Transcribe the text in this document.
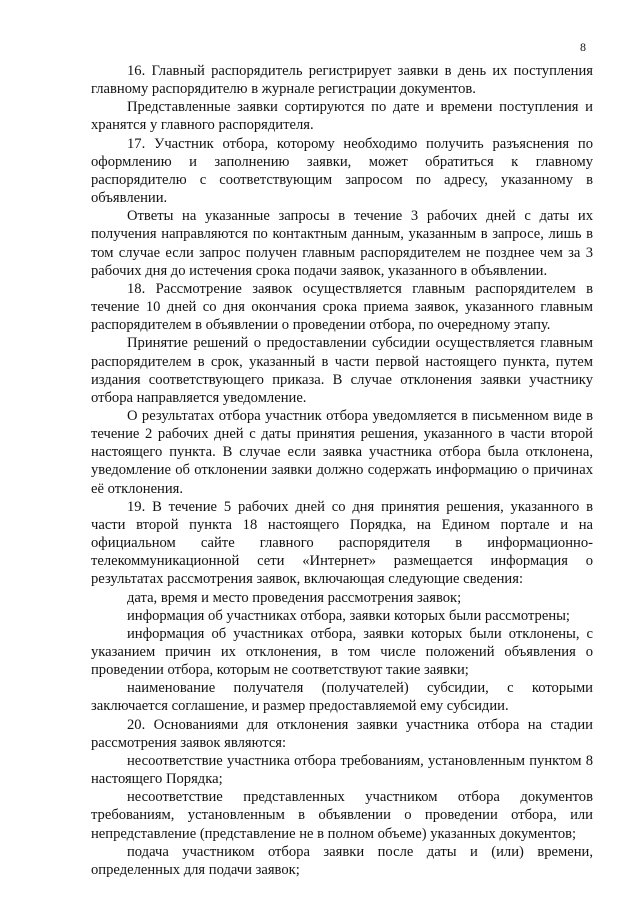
8

16. Главный распорядитель регистрирует заявки в день их поступления главному распорядителю в журнале регистрации документов.

Представленные заявки сортируются по дате и времени поступления и хранятся у главного распорядителя.

17. Участник отбора, которому необходимо получить разъяснения по оформлению и заполнению заявки, может обратиться к главному распорядителю с соответствующим запросом по адресу, указанному в объявлении.

Ответы на указанные запросы в течение 3 рабочих дней с даты их получения направляются по контактным данным, указанным в запросе, лишь в том случае если запрос получен главным распорядителем не позднее чем за 3 рабочих дня до истечения срока подачи заявок, указанного в объявлении.

18. Рассмотрение заявок осуществляется главным распорядителем в течение 10 дней со дня окончания срока приема заявок, указанного главным распорядителем в объявлении о проведении отбора, по очередному этапу.

Принятие решений о предоставлении субсидии осуществляется главным распорядителем в срок, указанный в части первой настоящего пункта, путем издания соответствующего приказа. В случае отклонения заявки участнику отбора направляется уведомление.

О результатах отбора участник отбора уведомляется в письменном виде в течение 2 рабочих дней с даты принятия решения, указанного в части второй настоящего пункта. В случае если заявка участника отбора была отклонена, уведомление об отклонении заявки должно содержать информацию о причинах её отклонения.

19. В течение 5 рабочих дней со дня принятия решения, указанного в части второй пункта 18 настоящего Порядка, на Едином портале и на официальном сайте главного распорядителя в информационно-телекоммуникационной сети «Интернет» размещается информация о результатах рассмотрения заявок, включающая следующие сведения:

дата, время и место проведения рассмотрения заявок;

информация об участниках отбора, заявки которых были рассмотрены;

информация об участниках отбора, заявки которых были отклонены, с указанием причин их отклонения, в том числе положений объявления о проведении отбора, которым не соответствуют такие заявки;

наименование получателя (получателей) субсидии, с которыми заключается соглашение, и размер предоставляемой ему субсидии.

20. Основаниями для отклонения заявки участника отбора на стадии рассмотрения заявок являются:

несоответствие участника отбора требованиям, установленным пунктом 8 настоящего Порядка;

несоответствие представленных участником отбора документов требованиям, установленным в объявлении о проведении отбора, или непредставление (представление не в полном объеме) указанных документов;

подача участником отбора заявки после даты и (или) времени, определенных для подачи заявок;
